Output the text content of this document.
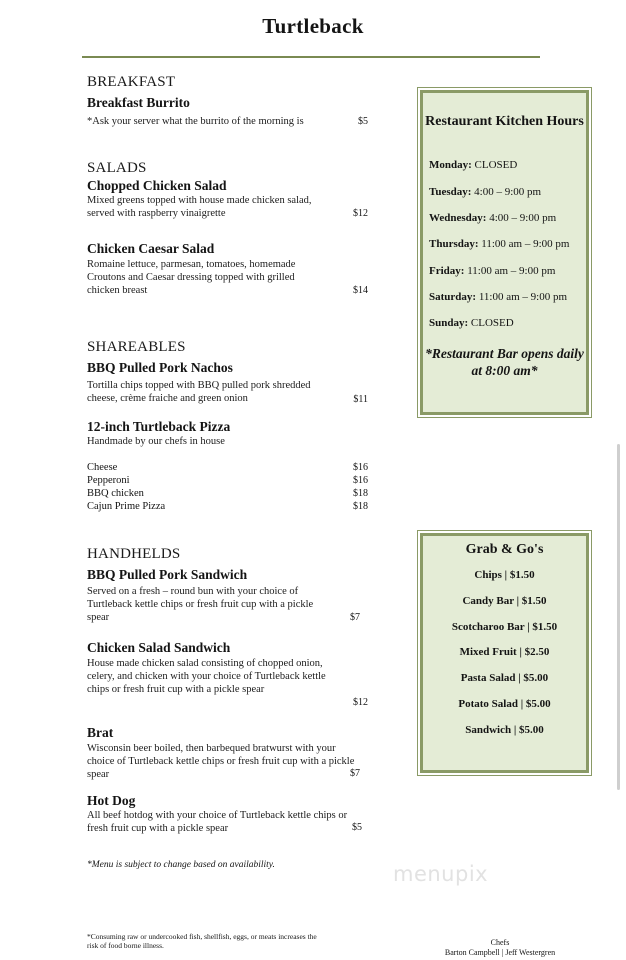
Turtleback
BREAKFAST
Breakfast Burrito
*Ask your server what the burrito of the morning is	$5
SALADS
Chopped Chicken Salad
Mixed greens topped with house made chicken salad, served with raspberry vinaigrette	$12
Chicken Caesar Salad
Romaine lettuce, parmesan, tomatoes, homemade Croutons and Caesar dressing topped with grilled chicken breast	$14
SHAREABLES
BBQ Pulled Pork Nachos
Tortilla chips topped with BBQ pulled pork shredded cheese, crème fraiche and green onion	$11
12-inch Turtleback Pizza
Handmade by our chefs in house
Cheese	$16
Pepperoni	$16
BBQ chicken	$18
Cajun Prime Pizza	$18
HANDHELDS
BBQ Pulled Pork Sandwich
Served on a fresh – round bun with your choice of Turtleback kettle chips or fresh fruit cup with a pickle spear	$7
Chicken Salad Sandwich
House made chicken salad consisting of chopped onion, celery, and chicken with your choice of Turtleback kettle chips or fresh fruit cup with a pickle spear
$12
Brat
Wisconsin beer boiled, then barbequed bratwurst with your choice of Turtleback kettle chips or fresh fruit cup with a pickle spear	$7
Hot Dog
All beef hotdog with your choice of Turtleback kettle chips or fresh fruit cup with a pickle spear	$5
*Menu is subject to change based on availability.
*Consuming raw or undercooked fish, shellfish, eggs, or meats increases the risk of food borne illness.
Restaurant Kitchen Hours
Monday: CLOSED
Tuesday: 4:00 – 9:00 pm
Wednesday: 4:00 – 9:00 pm
Thursday: 11:00 am – 9:00 pm
Friday: 11:00 am – 9:00 pm
Saturday: 11:00 am – 9:00 pm
Sunday: CLOSED
*Restaurant Bar opens daily at 8:00 am*
Grab & Go's
Chips | $1.50
Candy Bar | $1.50
Scotcharoo Bar | $1.50
Mixed Fruit | $2.50
Pasta Salad | $5.00
Potato Salad | $5.00
Sandwich | $5.00
menupix
Chefs
Barton Campbell | Jeff Westergren
